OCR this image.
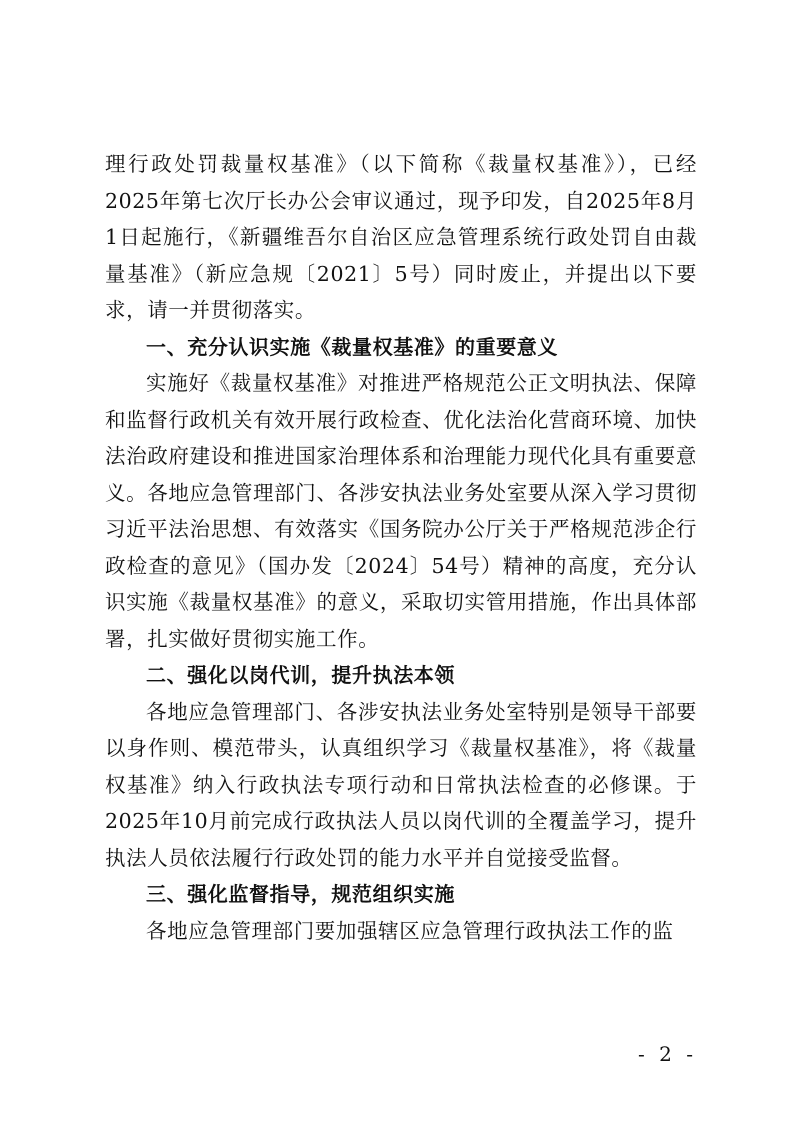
理行政处罚裁量权基准》（以下简称《裁量权基准》），已经2025年第七次厅长办公会审议通过，现予印发，自2025年8月1日起施行，《新疆维吾尔自治区应急管理系统行政处罚自由裁量基准》（新应急规〔2021〕5号）同时废止，并提出以下要求，请一并贯彻落实。

一、充分认识实施《裁量权基准》的重要意义

实施好《裁量权基准》对推进严格规范公正文明执法、保障和监督行政机关有效开展行政检查、优化法治化营商环境、加快法治政府建设和推进国家治理体系和治理能力现代化具有重要意义。各地应急管理部门、各涉安执法业务处室要从深入学习贯彻习近平法治思想、有效落实《国务院办公厅关于严格规范涉企行政检查的意见》（国办发〔2024〕54号）精神的高度，充分认识实施《裁量权基准》的意义，采取切实管用措施，作出具体部署，扎实做好贯彻实施工作。

二、强化以岗代训，提升执法本领

各地应急管理部门、各涉安执法业务处室特别是领导干部要以身作则、模范带头，认真组织学习《裁量权基准》，将《裁量权基准》纳入行政执法专项行动和日常执法检查的必修课。于2025年10月前完成行政执法人员以岗代训的全覆盖学习，提升执法人员依法履行行政处罚的能力水平并自觉接受监督。

三、强化监督指导，规范组织实施

各地应急管理部门要加强辖区应急管理行政执法工作的监

- 2 -
